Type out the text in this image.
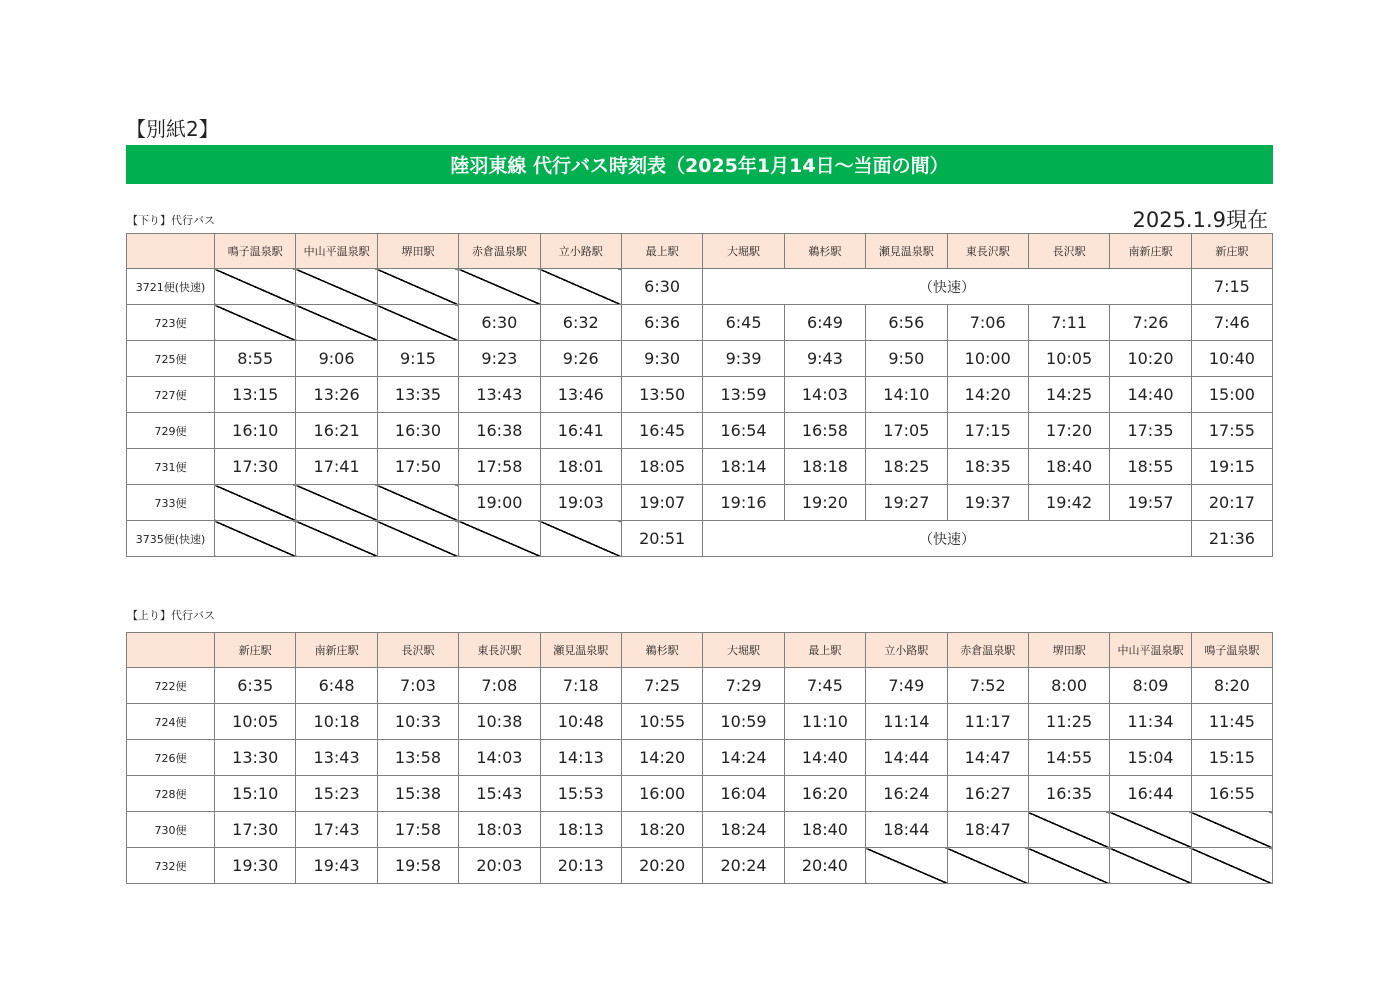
【別紙2】
陸羽東線 代行バス時刻表（2025年1月14日～当面の間）
【下り】代行バス	2025.1.9現在
	鳴子温泉駅	中山平温泉駅	堺田駅	赤倉温泉駅	立小路駅	最上駅	大堀駅	鵜杉駅	瀬見温泉駅	東長沢駅	長沢駅	南新庄駅	新庄駅
3721便(快速)						6:30	（快速）						7:15
723便				6:30	6:32	6:36	6:45	6:49	6:56	7:06	7:11	7:26	7:46
725便	8:55	9:06	9:15	9:23	9:26	9:30	9:39	9:43	9:50	10:00	10:05	10:20	10:40
727便	13:15	13:26	13:35	13:43	13:46	13:50	13:59	14:03	14:10	14:20	14:25	14:40	15:00
729便	16:10	16:21	16:30	16:38	16:41	16:45	16:54	16:58	17:05	17:15	17:20	17:35	17:55
731便	17:30	17:41	17:50	17:58	18:01	18:05	18:14	18:18	18:25	18:35	18:40	18:55	19:15
733便				19:00	19:03	19:07	19:16	19:20	19:27	19:37	19:42	19:57	20:17
3735便(快速)						20:51	（快速）						21:36
【上り】代行バス
	新庄駅	南新庄駅	長沢駅	東長沢駅	瀬見温泉駅	鵜杉駅	大堀駅	最上駅	立小路駅	赤倉温泉駅	堺田駅	中山平温泉駅	鳴子温泉駅
722便	6:35	6:48	7:03	7:08	7:18	7:25	7:29	7:45	7:49	7:52	8:00	8:09	8:20
724便	10:05	10:18	10:33	10:38	10:48	10:55	10:59	11:10	11:14	11:17	11:25	11:34	11:45
726便	13:30	13:43	13:58	14:03	14:13	14:20	14:24	14:40	14:44	14:47	14:55	15:04	15:15
728便	15:10	15:23	15:38	15:43	15:53	16:00	16:04	16:20	16:24	16:27	16:35	16:44	16:55
730便	17:30	17:43	17:58	18:03	18:13	18:20	18:24	18:40	18:44	18:47			
732便	19:30	19:43	19:58	20:03	20:13	20:20	20:24	20:40					
